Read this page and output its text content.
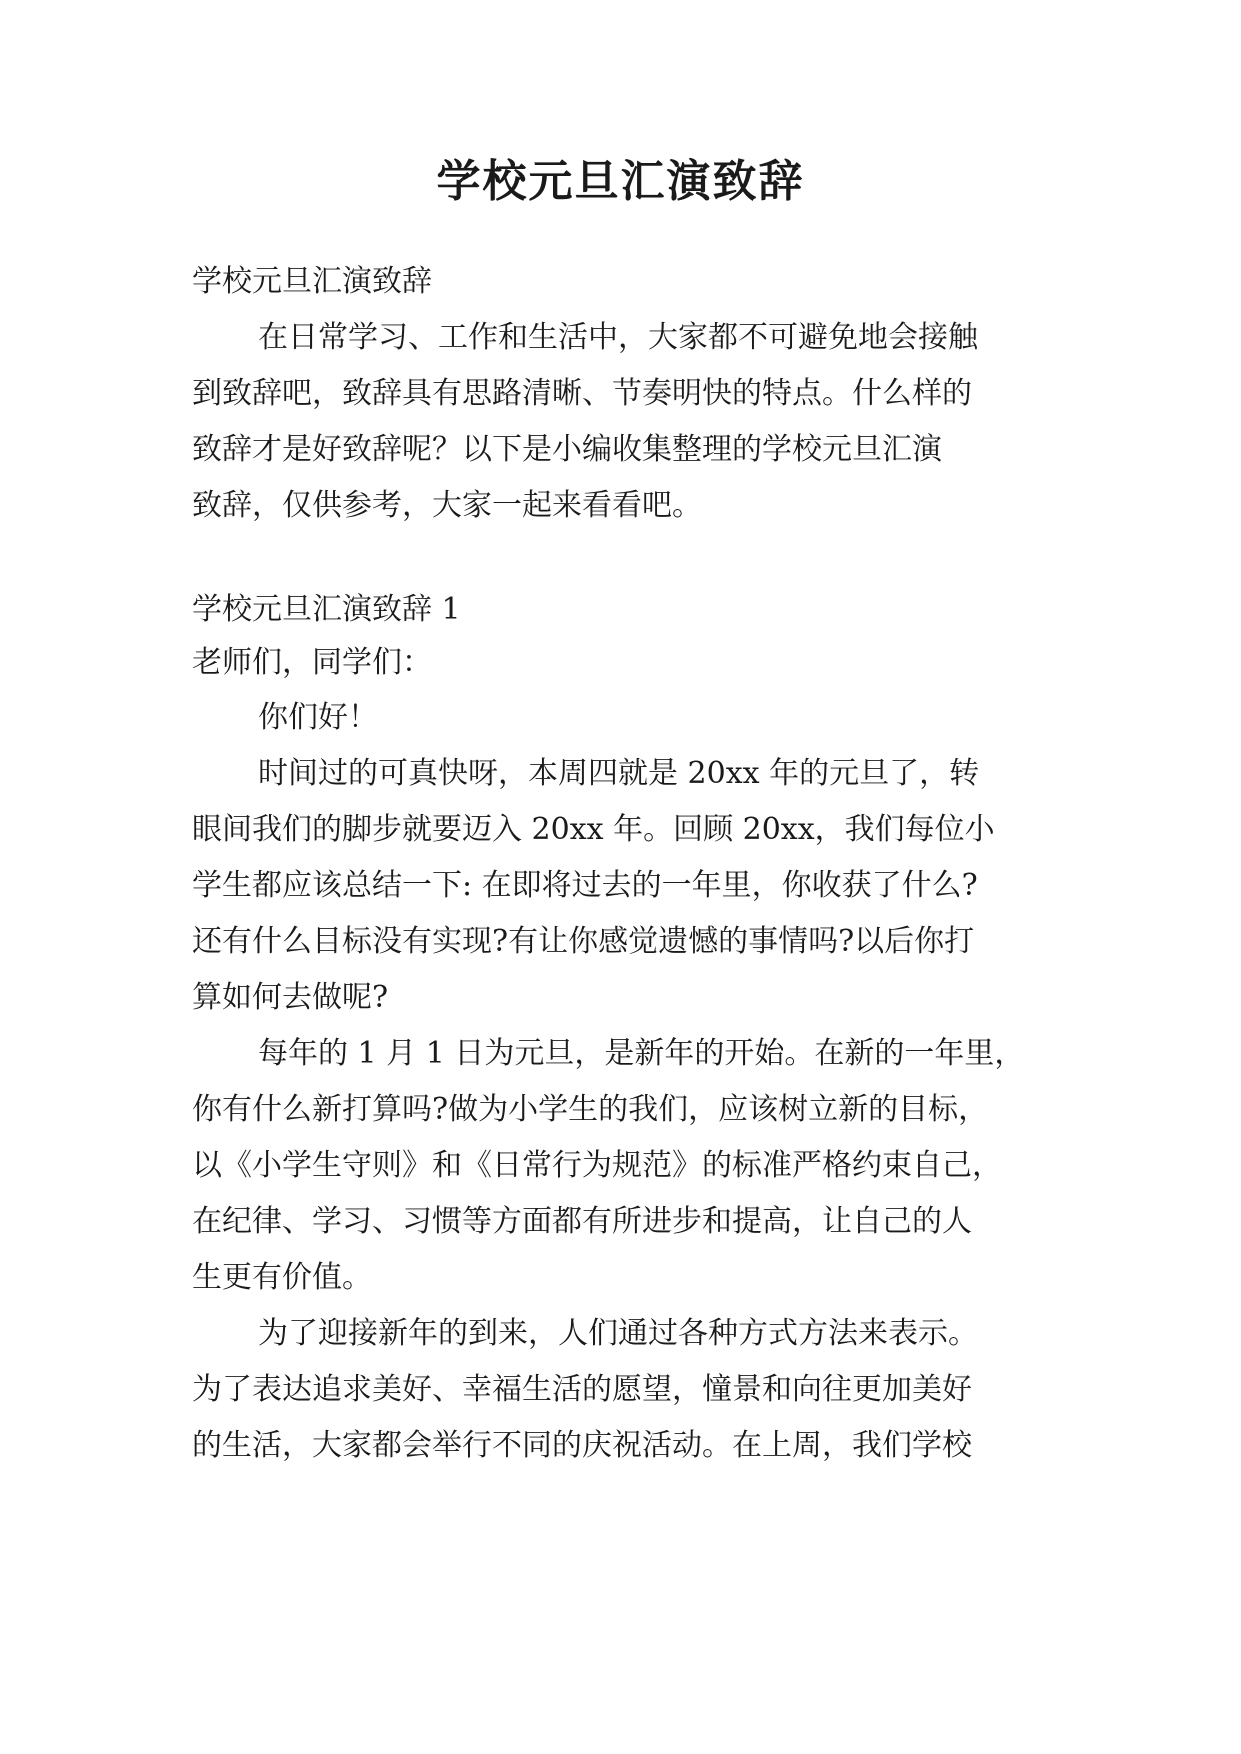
学校元旦汇演致辞

学校元旦汇演致辞

在日常学习、工作和生活中，大家都不可避免地会接触

到致辞吧，致辞具有思路清晰、节奏明快的特点。什么样的

致辞才是好致辞呢？以下是小编收集整理的学校元旦汇演

致辞，仅供参考，大家一起来看看吧。

学校元旦汇演致辞 1

老师们，同学们：

你们好！

时间过的可真快呀，本周四就是 20xx 年的元旦了，转

眼间我们的脚步就要迈入 20xx 年。回顾 20xx，我们每位小

学生都应该总结一下: 在即将过去的一年里，你收获了什么?

还有什么目标没有实现?有让你感觉遗憾的事情吗?以后你打

算如何去做呢?

每年的 1 月 1 日为元旦，是新年的开始。在新的一年里，

你有什么新打算吗?做为小学生的我们，应该树立新的目标，

以《小学生守则》和《日常行为规范》的标准严格约束自己，

在纪律、学习、习惯等方面都有所进步和提高，让自己的人

生更有价值。

为了迎接新年的到来，人们通过各种方式方法来表示。

为了表达追求美好、幸福生活的愿望，憧景和向往更加美好

的生活，大家都会举行不同的庆祝活动。在上周，我们学校
